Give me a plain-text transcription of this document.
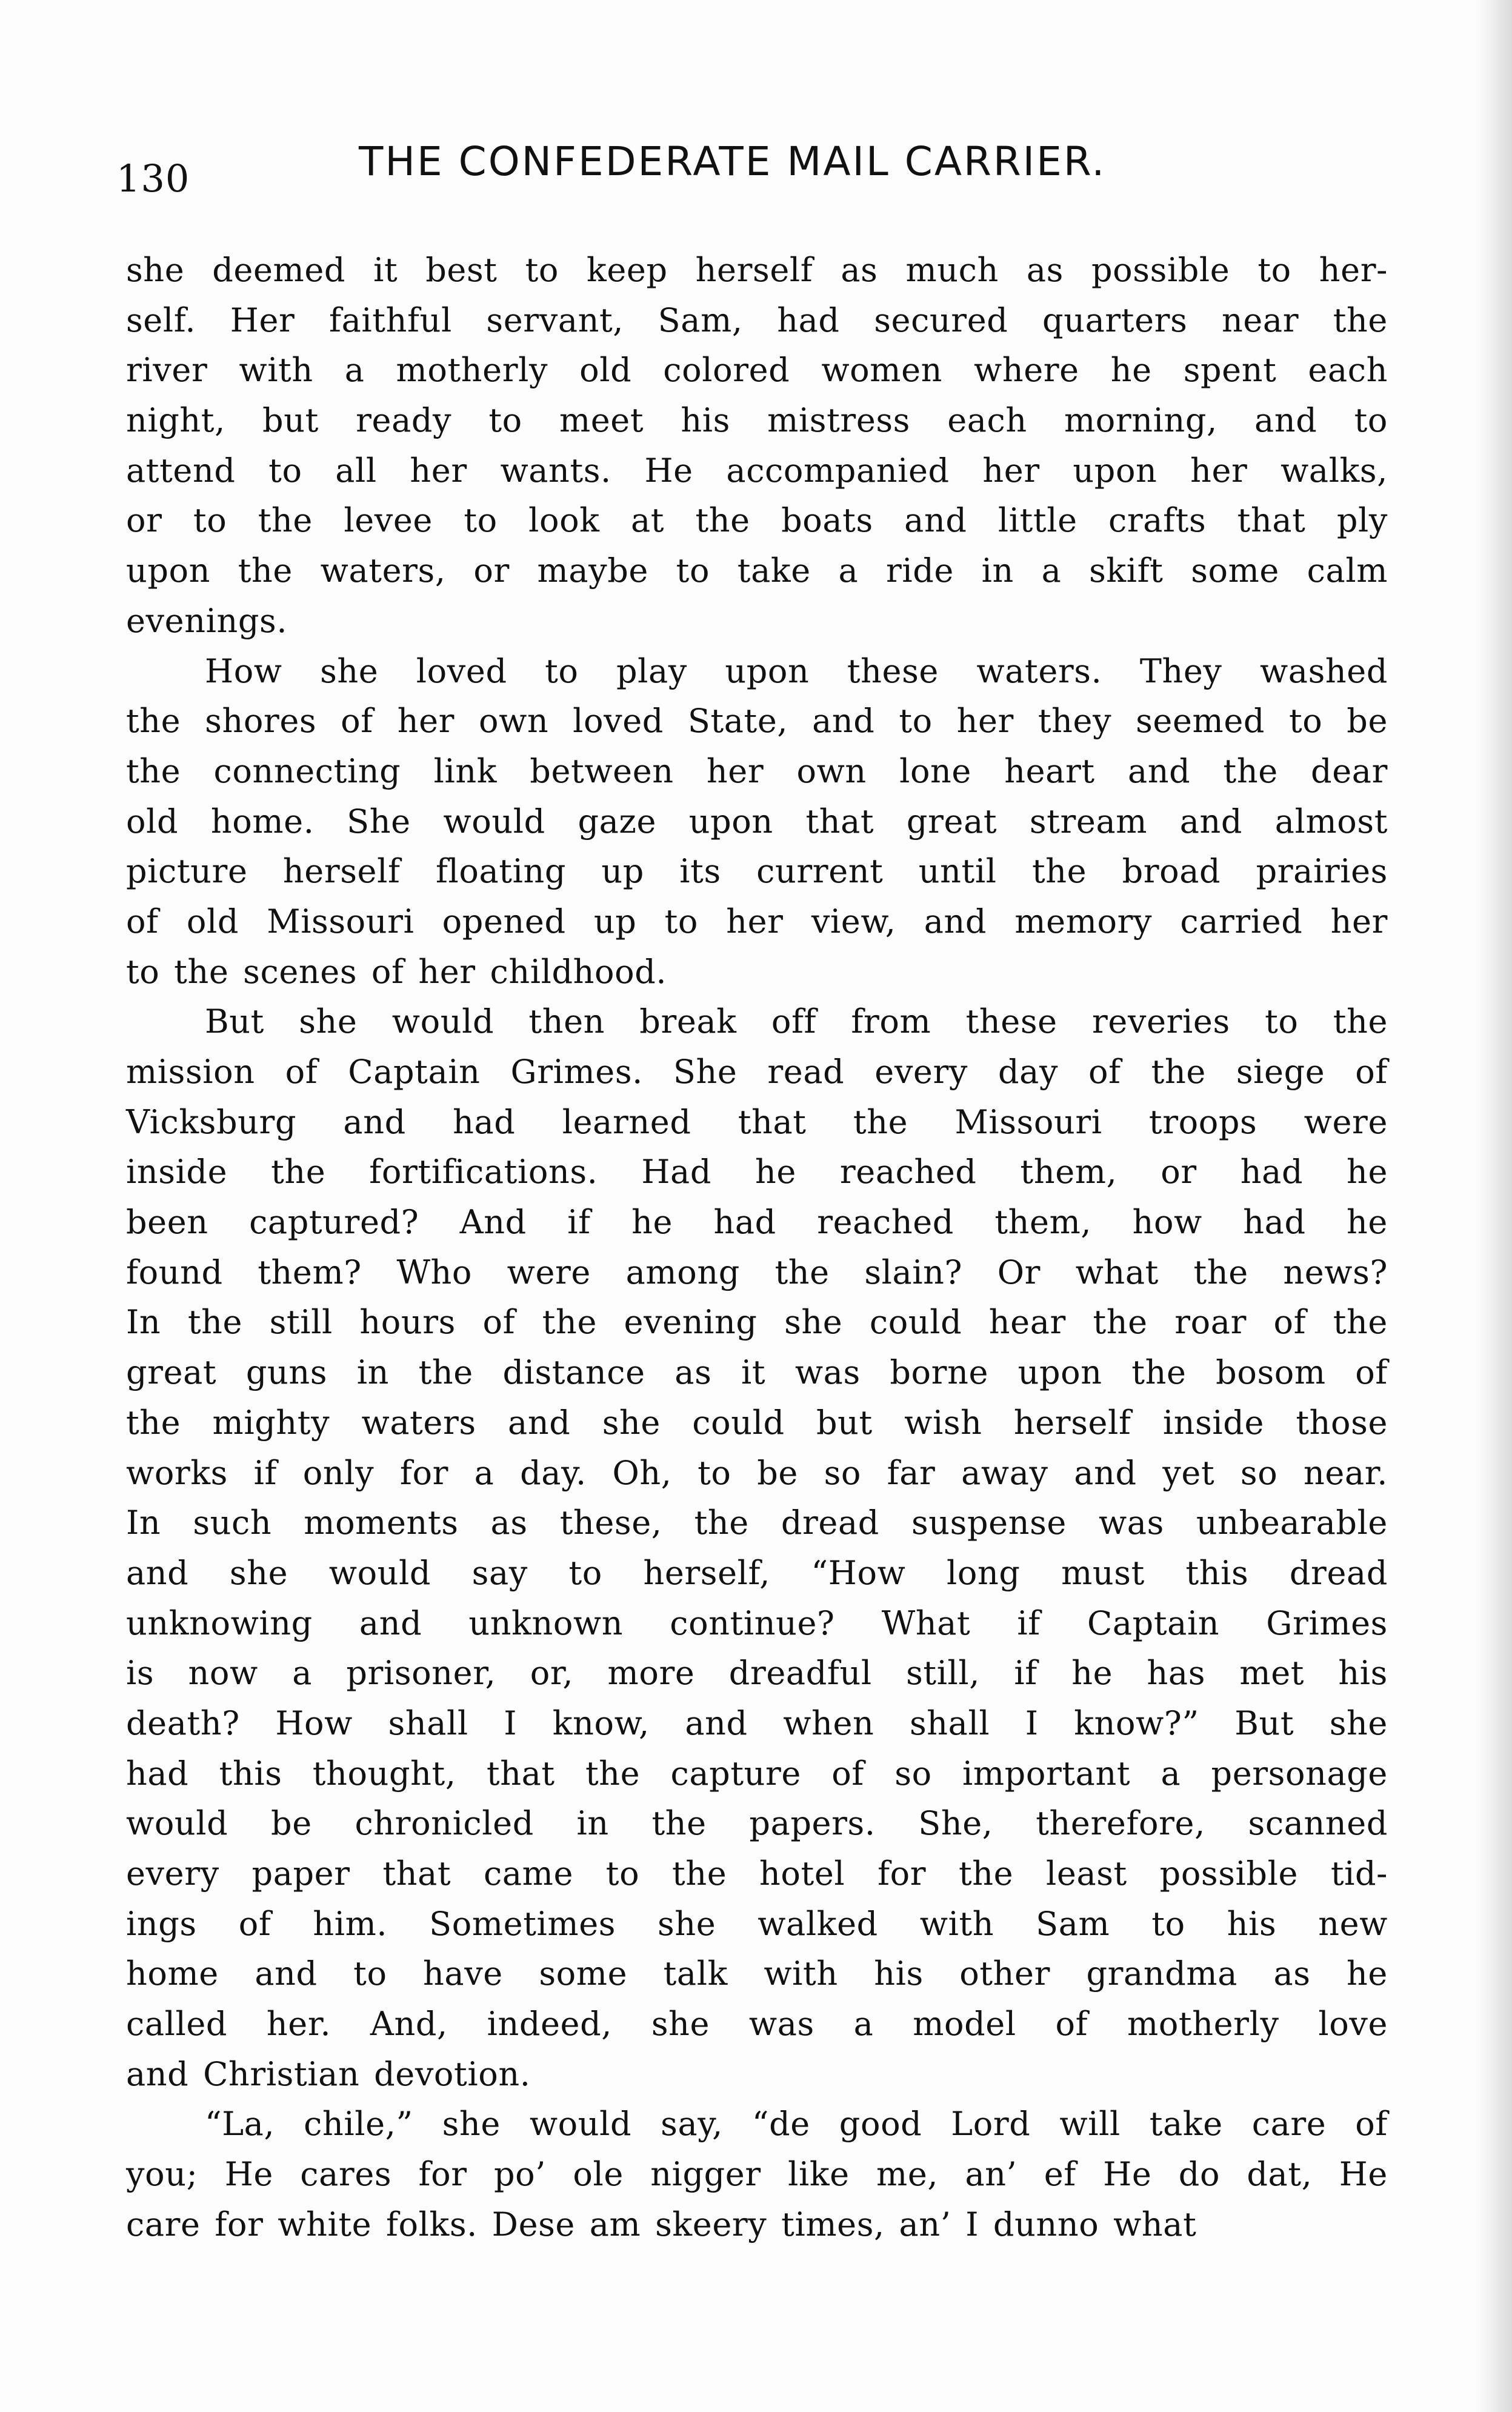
130	THE CONFEDERATE MAIL CARRIER.
she deemed it best to keep herself as much as possible to her-
self. Her faithful servant, Sam, had secured quarters near the
river with a motherly old colored women where he spent each
night, but ready to meet his mistress each morning, and to
attend to all her wants. He accompanied her upon her walks,
or to the levee to look at the boats and little crafts that ply
upon the waters, or maybe to take a ride in a skift some calm
evenings.
How she loved to play upon these waters. They washed
the shores of her own loved State, and to her they seemed to be
the connecting link between her own lone heart and the dear
old home. She would gaze upon that great stream and almost
picture herself floating up its current until the broad prairies
of old Missouri opened up to her view, and memory carried her
to the scenes of her childhood.
But she would then break off from these reveries to the
mission of Captain Grimes. She read every day of the siege of
Vicksburg and had learned that the Missouri troops were
inside the fortifications. Had he reached them, or had he
been captured? And if he had reached them, how had he
found them? Who were among the slain? Or what the news?
In the still hours of the evening she could hear the roar of the
great guns in the distance as it was borne upon the bosom of
the mighty waters and she could but wish herself inside those
works if only for a day. Oh, to be so far away and yet so near.
In such moments as these, the dread suspense was unbearable
and she would say to herself, “How long must this dread
unknowing and unknown continue? What if Captain Grimes
is now a prisoner, or, more dreadful still, if he has met his
death? How shall I know, and when shall I know?” But she
had this thought, that the capture of so important a personage
would be chronicled in the papers. She, therefore, scanned
every paper that came to the hotel for the least possible tid-
ings of him. Sometimes she walked with Sam to his new
home and to have some talk with his other grandma as he
called her. And, indeed, she was a model of motherly love
and Christian devotion.
“La, chile,” she would say, “de good Lord will take care of
you; He cares for po’ ole nigger like me, an’ ef He do dat, He
care for white folks. Dese am skeery times, an’ I dunno what
